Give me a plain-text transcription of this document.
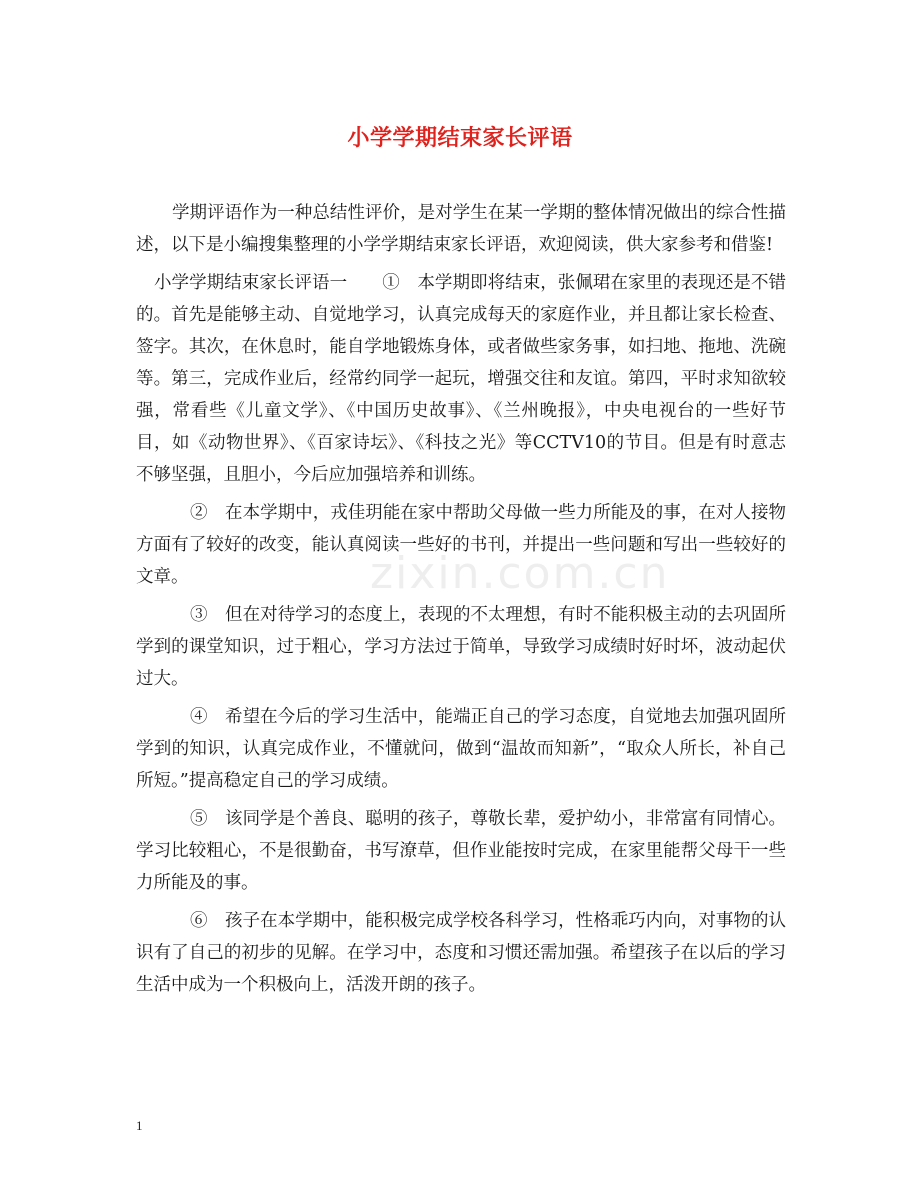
小学学期结束家长评语
zixin.com.cn

学期评语作为一种总结性评价，是对学生在某一学期的整体情况做出的综合性描述，以下是小编搜集整理的小学学期结束家长评语，欢迎阅读，供大家参考和借鉴!

小学学期结束家长评语一　　①　本学期即将结束，张佩珺在家里的表现还是不错的。首先是能够主动、自觉地学习，认真完成每天的家庭作业，并且都让家长检查、签字。其次，在休息时，能自学地锻炼身体，或者做些家务事，如扫地、拖地、洗碗等。第三，完成作业后，经常约同学一起玩，增强交往和友谊。第四，平时求知欲较强，常看些《儿童文学》、《中国历史故事》、《兰州晚报》，中央电视台的一些好节目，如《动物世界》、《百家诗坛》、《科技之光》等CCTV10的节目。但是有时意志不够坚强，且胆小，今后应加强培养和训练。

②　在本学期中，戎佳玥能在家中帮助父母做一些力所能及的事，在对人接物方面有了较好的改变，能认真阅读一些好的书刊，并提出一些问题和写出一些较好的文章。

③　但在对待学习的态度上，表现的不太理想，有时不能积极主动的去巩固所学到的课堂知识，过于粗心，学习方法过于简单，导致学习成绩时好时坏，波动起伏过大。

④　希望在今后的学习生活中，能端正自己的学习态度，自觉地去加强巩固所学到的知识，认真完成作业，不懂就问，做到“温故而知新”，“取众人所长，补自己所短。”提高稳定自己的学习成绩。

⑤　该同学是个善良、聪明的孩子，尊敬长辈，爱护幼小，非常富有同情心。学习比较粗心，不是很勤奋，书写潦草，但作业能按时完成，在家里能帮父母干一些力所能及的事。

⑥　孩子在本学期中，能积极完成学校各科学习，性格乖巧内向，对事物的认识有了自己的初步的见解。在学习中，态度和习惯还需加强。希望孩子在以后的学习生活中成为一个积极向上，活泼开朗的孩子。

1
